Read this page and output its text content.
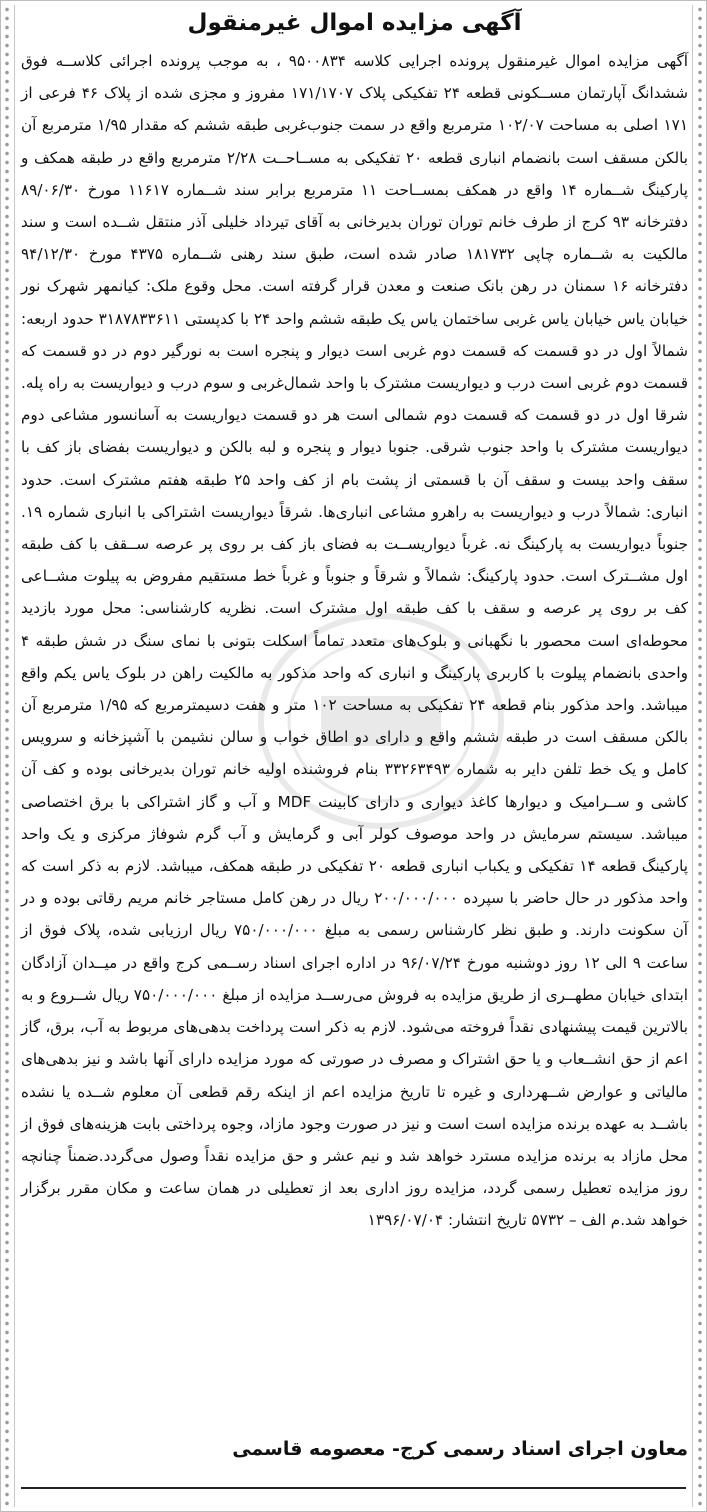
آگهی مزایده اموال غیرمنقول

آگهی مزایده اموال غیرمنقول پرونده اجرایی کلاسه ۹۵۰۰۸۳۴ ، به موجب پرونده اجرائی کلاســه فوق ششدانگ آپارتمان مســکونی قطعه ۲۴ تفکیکی پلاک ۱۷۱/۱۷۰۷ مفروز و مجزی شده از پلاک ۴۶ فرعی از ۱۷۱ اصلی به مساحت ۱۰۲/۰۷ مترمربع واقع در سمت جنوب‌غربی طبقه ششم که مقدار ۱/۹۵ مترمربع آن بالکن مسقف است بانضمام انباری قطعه ۲۰ تفکیکی به مســاحــت ۲/۲۸ مترمربع واقع در طبقه همکف و پارکینگ شــماره ۱۴ واقع در همکف بمســاحت ۱۱ مترمربع برابر سند شــماره ۱۱۶۱۷ مورخ ۸۹/۰۶/۳۰ دفترخانه ۹۳ کرج از طرف خانم توران توران بدیرخانی به آقای تیرداد خلیلی آذر منتقل شــده است و سند مالکیت به شــماره چاپی ۱۸۱۷۳۲ صادر شده است، طبق سند رهنی شــماره ۴۳۷۵ مورخ ۹۴/۱۲/۳۰ دفترخانه ۱۶ سمنان در رهن بانک صنعت و معدن قرار گرفته است. محل وقوع ملک: کیانمهر شهرک نور خیابان یاس خیابان یاس غربی ساختمان یاس یک طبقه ششم واحد ۲۴ با کدپستی ۳۱۸۷۸۳۳۶۱۱ حدود اربعه: شمالاً اول در دو قسمت که قسمت دوم غربی است دیوار و پنجره است به نورگیر دوم در دو قسمت که قسمت دوم غربی است درب و دیواریست مشترک با واحد شمال‌غربی و سوم درب و دیواریست به راه پله. شرقا اول در دو قسمت که قسمت دوم شمالی است هر دو قسمت دیواریست به آسانسور مشاعی دوم دیواریست مشترک با واحد جنوب شرقی. جنوبا دیوار و پنجره و لبه بالکن و دیواریست بفضای باز کف با سقف واحد بیست و سقف آن با قسمتی از پشت بام از کف واحد ۲۵ طبقه هفتم مشترک است. حدود انباری: شمالاً درب و دیواریست به راهرو مشاعی انباری‌ها. شرقاً دیواریست اشتراکی با انباری شماره ۱۹. جنوباً دیواریست به پارکینگ نه. غرباً دیواریســت به فضای باز کف بر روی پر عرصه ســقف با کف طبقه اول مشــترک است. حدود پارکینگ: شمالاً و شرقاً و جنوباً و غرباً خط مستقیم مفروض به پیلوت مشــاعی کف بر روی پر عرصه و سقف با کف طبقه اول مشترک است. نظریه کارشناسی: محل مورد بازدید محوطه‌ای است محصور با نگهبانی و بلوک‌های متعدد تماماً اسکلت بتونی با نمای سنگ در شش طبقه ۴ واحدی بانضمام پیلوت با کاربری پارکینگ و انباری که واحد مذکور به مالکیت راهن در بلوک یاس یکم واقع میباشد. واحد مذکور بنام قطعه ۲۴ تفکیکی به مساحت ۱۰۲ متر و هفت دسیمترمربع که ۱/۹۵ مترمربع آن بالکن مسقف است در طبقه ششم واقع و دارای دو اطاق خواب و سالن نشیمن با آشپزخانه و سرویس کامل و یک خط تلفن دایر به شماره ۳۳۲۶۳۴۹۳ بنام فروشنده اولیه خانم توران بدیرخانی بوده و کف آن کاشی و ســرامیک و دیوارها کاغذ دیواری و دارای کابینت MDF و آب و گاز اشتراکی با برق اختصاصی میباشد. سیستم سرمایش در واحد موصوف کولر آبی و گرمایش و آب گرم شوفاژ مرکزی و یک واحد پارکینگ قطعه ۱۴ تفکیکی و یکباب انباری قطعه ۲۰ تفکیکی در طبقه همکف، میباشد. لازم به ذکر است که واحد مذکور در حال حاضر با سپرده ۲۰۰/۰۰۰/۰۰۰ ریال در رهن کامل مستاجر خانم مریم رقاتی بوده و در آن سکونت دارند. و طبق نظر کارشناس رسمی به مبلغ ۷۵۰/۰۰۰/۰۰۰ ریال ارزیابی شده، پلاک فوق از ساعت ۹ الی ۱۲ روز دوشنبه مورخ ۹۶/۰۷/۲۴ در اداره اجرای اسناد رســمی کرج واقع در میــدان آزادگان ابتدای خیابان مطهــری از طریق مزایده به فروش می‌رســد مزایده از مبلغ ۷۵۰/۰۰۰/۰۰۰ ریال شــروع و به بالاترین قیمت پیشنهادی نقداً فروخته می‌شود. لازم به ذکر است پرداخت بدهی‌های مربوط به آب، برق، گاز اعم از حق انشــعاب و یا حق اشتراک و مصرف در صورتی که مورد مزایده دارای آنها باشد و نیز بدهی‌های مالیاتی و عوارض شــهرداری و غیره تا تاریخ مزایده اعم از اینکه رقم قطعی آن معلوم شــده یا نشده باشــد به عهده برنده مزایده است است و نیز در صورت وجود مازاد، وجوه پرداختی بابت هزینه‌های فوق از محل مازاد به برنده مزایده مسترد خواهد شد و نیم عشر و حق مزایده نقداً وصول می‌گردد.ضمناً چنانچه روز مزایده تعطیل رسمی گردد، مزایده روز اداری بعد از تعطیلی در همان ساعت و مکان مقرر برگزار خواهد شد.م الف – ۵۷۳۲ تاریخ انتشار: ۱۳۹۶/۰۷/۰۴

معاون اجرای اسناد رسمی کرج- معصومه قاسمی
